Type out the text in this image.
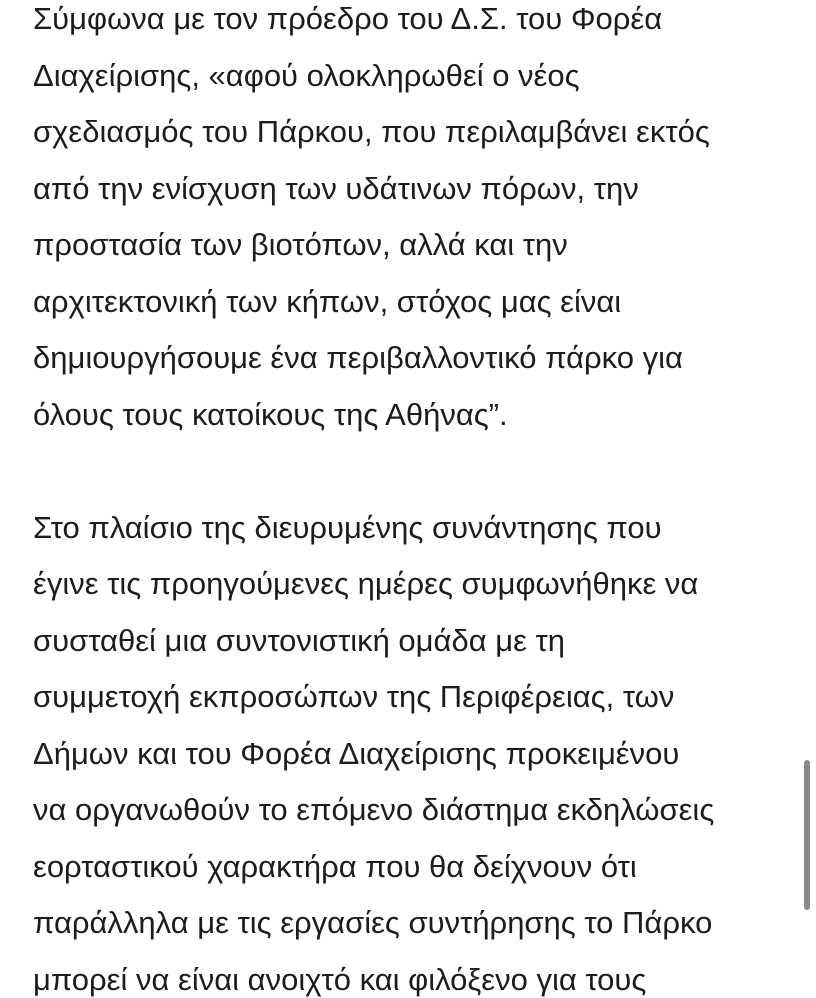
Σύμφωνα με τον πρόεδρο του Δ.Σ. του Φορέα
Διαχείρισης, «αφού ολοκληρωθεί ο νέος
σχεδιασμός του Πάρκου, που περιλαμβάνει εκτός
από την ενίσχυση των υδάτινων πόρων, την
προστασία των βιοτόπων, αλλά και την
αρχιτεκτονική των κήπων, στόχος μας είναι
δημιουργήσουμε ένα περιβαλλοντικό πάρκο για
όλους τους κατοίκους της Αθήνας”.

Στο πλαίσιο της διευρυμένης συνάντησης που
έγινε τις προηγούμενες ημέρες συμφωνήθηκε να
συσταθεί μια συντονιστική ομάδα με τη
συμμετοχή εκπροσώπων της Περιφέρειας, των
Δήμων και του Φορέα Διαχείρισης προκειμένου
να οργανωθούν το επόμενο διάστημα εκδηλώσεις
εορταστικού χαρακτήρα που θα δείχνουν ότι
παράλληλα με τις εργασίες συντήρησης το Πάρκο
μπορεί να είναι ανοιχτό και φιλόξενο για τους
